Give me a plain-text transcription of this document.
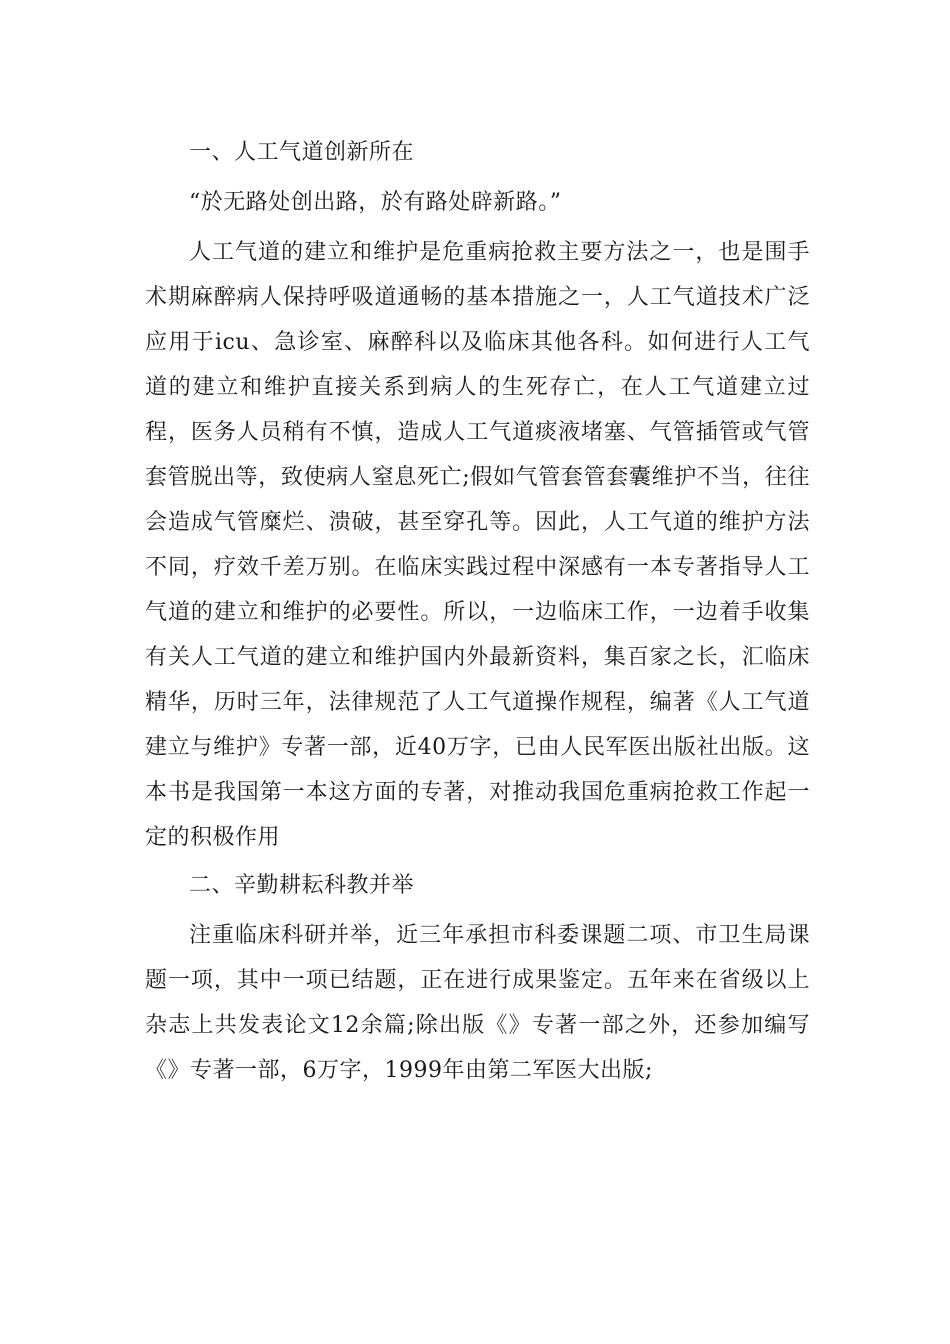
一、人工气道创新所在

“於无路处创出路，於有路处辟新路。”

人工气道的建立和维护是危重病抢救主要方法之一，也是围手术期麻醉病人保持呼吸道通畅的基本措施之一，人工气道技术广泛应用于icu、急诊室、麻醉科以及临床其他各科。如何进行人工气道的建立和维护直接关系到病人的生死存亡，在人工气道建立过程，医务人员稍有不慎，造成人工气道痰液堵塞、气管插管或气管套管脱出等，致使病人窒息死亡;假如气管套管套囊维护不当，往往会造成气管糜烂、溃破，甚至穿孔等。因此，人工气道的维护方法不同，疗效千差万别。在临床实践过程中深感有一本专著指导人工气道的建立和维护的必要性。所以，一边临床工作，一边着手收集有关人工气道的建立和维护国内外最新资料，集百家之长，汇临床精华，历时三年，法律规范了人工气道操作规程，编著《人工气道建立与维护》专著一部，近40万字，已由人民军医出版社出版。这本书是我国第一本这方面的专著，对推动我国危重病抢救工作起一定的积极作用

二、辛勤耕耘科教并举

注重临床科研并举，近三年承担市科委课题二项、市卫生局课题一项，其中一项已结题，正在进行成果鉴定。五年来在省级以上杂志上共发表论文12余篇;除出版《》专著一部之外，还参加编写《》专著一部，6万字，1999年由第二军医大出版;
